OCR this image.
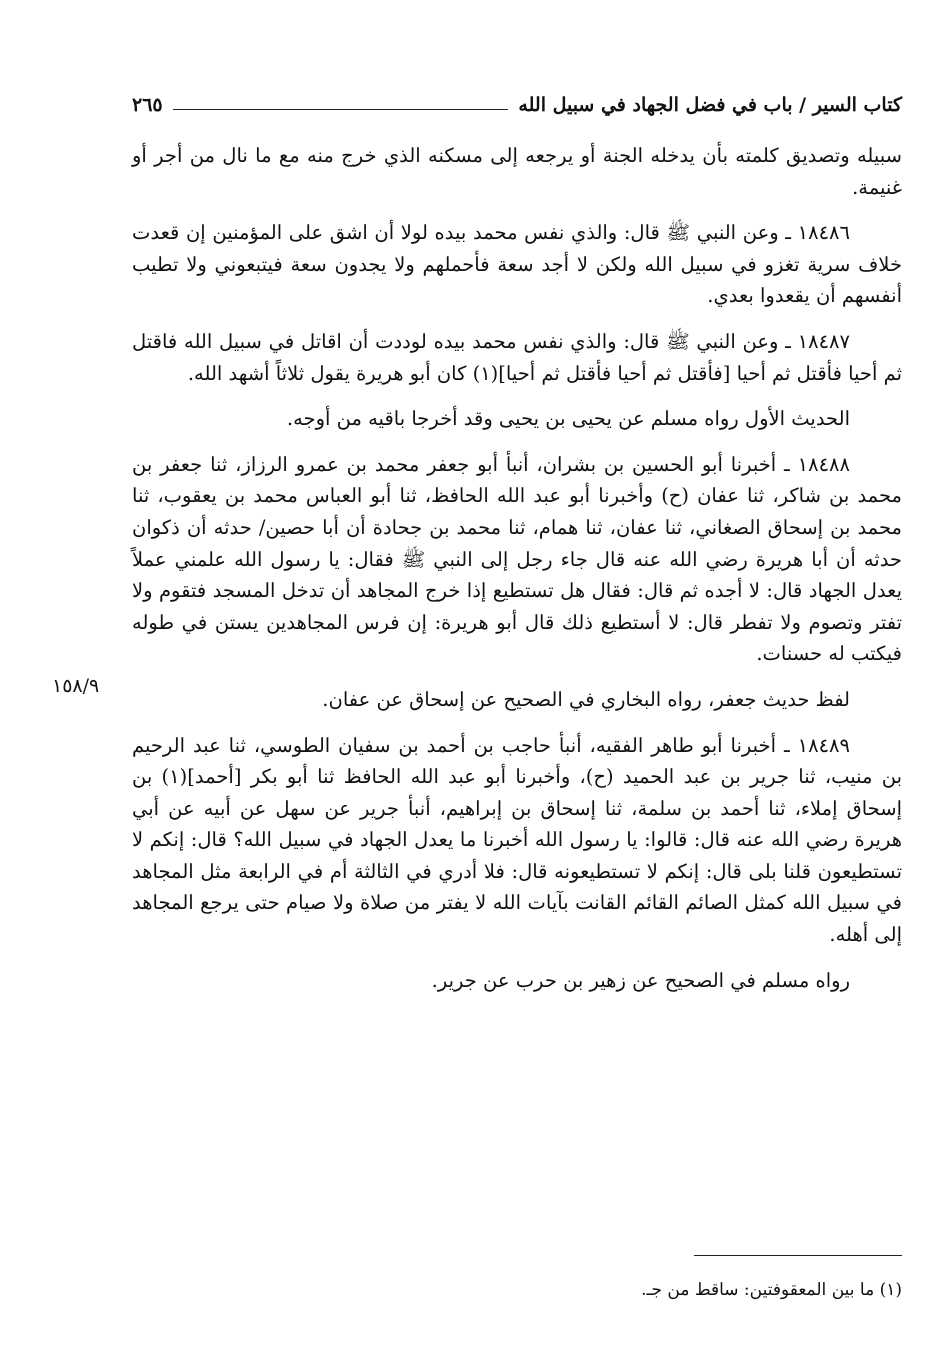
كتاب السير / باب في فضل الجهاد في سبيل الله
٢٦٥
١٥٨/٩

سبيله وتصديق كلمته بأن يدخله الجنة أو يرجعه إلى مسكنه الذي خرج منه مع ما نال من أجر أو غنيمة.

١٨٤٨٦ ـ وعن النبي ﷺ قال: والذي نفس محمد بيده لولا أن اشق على المؤمنين إن قعدت خلاف سرية تغزو في سبيل الله ولكن لا أجد سعة فأحملهم ولا يجدون سعة فيتبعوني ولا تطيب أنفسهم أن يقعدوا بعدي.

١٨٤٨٧ ـ وعن النبي ﷺ قال: والذي نفس محمد بيده لوددت أن اقاتل في سبيل الله فاقتل ثم أحيا فأقتل ثم أحيا [فأقتل ثم أحيا فأقتل ثم أحيا](١) كان أبو هريرة يقول ثلاثاً أشهد الله.

الحديث الأول رواه مسلم عن يحيى بن يحيى وقد أخرجا باقيه من أوجه.

١٨٤٨٨ ـ أخبرنا أبو الحسين بن بشران، أنبأ أبو جعفر محمد بن عمرو الرزاز، ثنا جعفر بن محمد بن شاكر، ثنا عفان (ح) وأخبرنا أبو عبد الله الحافظ، ثنا أبو العباس محمد بن يعقوب، ثنا محمد بن إسحاق الصغاني، ثنا عفان، ثنا همام، ثنا محمد بن جحادة أن أبا حصين/ حدثه أن ذكوان حدثه أن أبا هريرة رضي الله عنه قال جاء رجل إلى النبي ﷺ فقال: يا رسول الله علمني عملاً يعدل الجهاد قال: لا أجده ثم قال: فقال هل تستطيع إذا خرج المجاهد أن تدخل المسجد فتقوم ولا تفتر وتصوم ولا تفطر قال: لا أستطيع ذلك قال أبو هريرة: إن فرس المجاهدين يستن في طوله فيكتب له حسنات.

لفظ حديث جعفر، رواه البخاري في الصحيح عن إسحاق عن عفان.

١٨٤٨٩ ـ أخبرنا أبو طاهر الفقيه، أنبأ حاجب بن أحمد بن سفيان الطوسي، ثنا عبد الرحيم بن منيب، ثنا جرير بن عبد الحميد (ح)، وأخبرنا أبو عبد الله الحافظ ثنا أبو بكر [أحمد](١) بن إسحاق إملاء، ثنا أحمد بن سلمة، ثنا إسحاق بن إبراهيم، أنبأ جرير عن سهل عن أبيه عن أبي هريرة رضي الله عنه قال: قالوا: يا رسول الله أخبرنا ما يعدل الجهاد في سبيل الله؟ قال: إنكم لا تستطيعون قلنا بلى قال: إنكم لا تستطيعونه قال: فلا أدري في الثالثة أم في الرابعة مثل المجاهد في سبيل الله كمثل الصائم القائم القانت بآيات الله لا يفتر من صلاة ولا صيام حتى يرجع المجاهد إلى أهله.

رواه مسلم في الصحيح عن زهير بن حرب عن جرير.

(١) ما بين المعقوفتين: ساقط من جـ.
